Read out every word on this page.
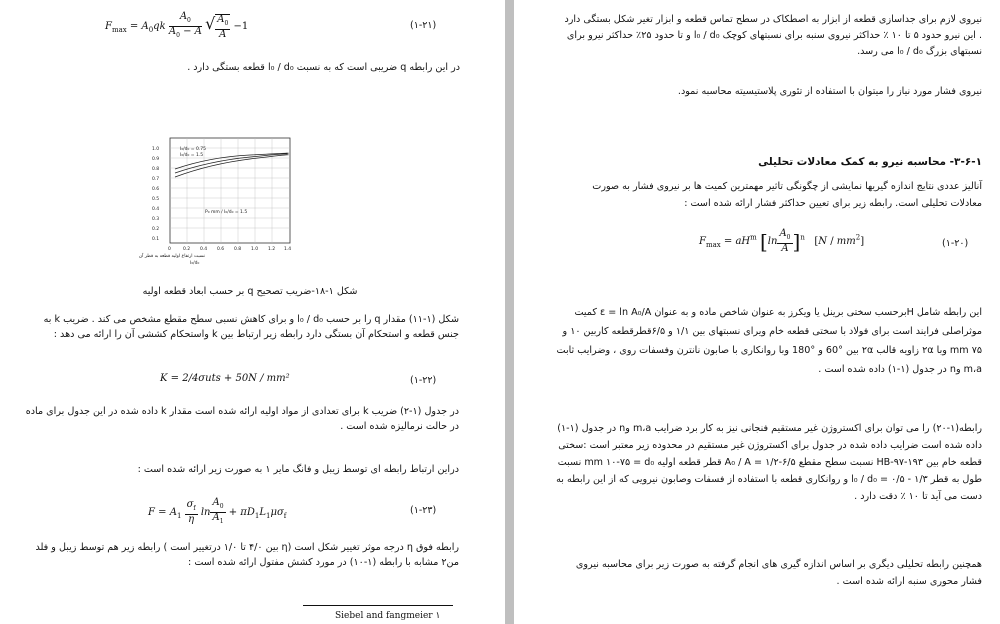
$F_{max} = A_0qk \frac{A_0}{A_0 - A}$ √ $\frac{A_0}{A} -1$	(۱-۲۱)
در این رابطه q ضریبی است که به نسبت l₀ / d₀ قطعه بستگی دارد .
I₀/d₀ = 0.75
I₀/d₀ = 1.5
P₀ mm / I₀/d₀ = 1.5
1.0
0.9
0.8
0.7
0.6
0.5
0.4
0.3
0.2
0.1
0	0.2 0.4 0.6 0.8 1.0 1.2 1.4
نسبت ارتفاع اولیه قطعه به قطر آن
I₀/d₀
شکل ۱-۱۸-ضریب تصحیح q بر حسب ابعاد قطعه اولیه
شکل (۱-۱۱) مقدار q را بر حسب l₀ / d₀ و برای کاهش نسبی سطح مقطع مشخص می کند . ضریب k به جنس قطعه و استحکام آن بستگی دارد رابطه زیر ارتباط بین k واستحکام کششی آن را ارائه می دهد :
K = 2/4σuts + 50N / mm²	(۱-۲۲)
در جدول (۱-۲) ضریب k برای تعدادی از مواد اولیه ارائه شده است مقدار k داده شده در این جدول برای ماده در حالت نرمالیزه شده است .
دراین ارتباط رابطه ای توسط زیبل و فانگ مایر ۱ به صورت زیر ارائه شده است :
$F = A_1 \frac{\sigma_f}{\eta}$ $\ln \frac{A_0}{A_1} + \pi D_1L_1\mu\sigma_f$	(۱-۲۳)
رابطه فوق η درجه موثر تغییر شکل است (η بین ۴/۰ تا ۱/۰ درتغییر است ) رابطه زیر هم توسط زیبل و فلد من۲ مشابه با رابطه (۱-۱۰) در مورد کشش مفتول ارائه شده است :
Siebel and fangmeier ۱
نیروی لازم برای جداسازی قطعه از ابزار به اصطکاک در سطح تماس قطعه و ابزار تغیر شکل بستگی دارد . این نیرو حدود ۵ تا ۱۰ ٪ حداکثر نیروی سنبه برای نسبتهای کوچک l₀ / d₀ و تا حدود ۲۵٪ حداکثر نیرو برای نسبتهای بزرگ l₀ / d₀ می رسد.
نیروی فشار مورد نیاز را میتوان با استفاده از تئوری پلاستیسیته محاسبه نمود.
۳-۶-۱- محاسبه نیرو به کمک معادلات تحلیلی
آنالیز عددی نتایج اندازه گیریها نمایشی از چگونگی تاثیر مهمترین کمیت ها بر نیروی فشار به صورت معادلات تحلیلی است. رابطه زیر برای تعیین حداکثر فشار ارائه شده است :
$F_{max} = aH^m$ $[\ln \frac{A_0}{A} ]^n$   $[N / mm^2]$	(۱-۲۰)
این رابطه شامل Hبرحسب سختی برینل یا ویکرز به عنوان شاخص ماده و به عنوان ε = ln A₀/A کمیت موثراصلی فرایند است برای فولاد با سختی قطعه خام ویرای نسبتهای بین ۱/۱ و ۶/۵قطرقطعه کاربین ۱۰ و ۷۵ mm وبا ۲α زاویه قالب ۲α بین °60 و °180 وبا روانکاری با صابون نانترن وفسفات روی ، وضرایب ثابت m،a وn در جدول (۱-۱) داده شده است .
رابطه(۱-۲۰) را می توان برای اکستروژن غیر مستقیم فنجانی نیز به کار برد ضرایب m،a وn در جدول (۱-۱) داده شده است ضرایب داده شده در جدول برای اکستروژن غیر مستقیم در محدوده زیر معتبر است :سختی قطعه خام بین HB-۹۷-۱۹۳ نسبت سطح مقطع ۶/۵-۱/۲ = A₀ / A قطر قطعه اولیه mm ۱۰-۷۵ = d₀ نسبت طول به قطر ۱/۳ - ۰/۵ = l₀ / d₀ و روانکاری قطعه با استفاده از فسفات وصابون نیرویی که از این رابطه به دست می آید تا ۱۰ ٪ دقت دارد .
همچنین رابطه تحلیلی دیگری بر اساس اندازه گیری های انجام گرفته به صورت زیر برای محاسبه نیروی فشار محوری سنبه ارائه شده است .
